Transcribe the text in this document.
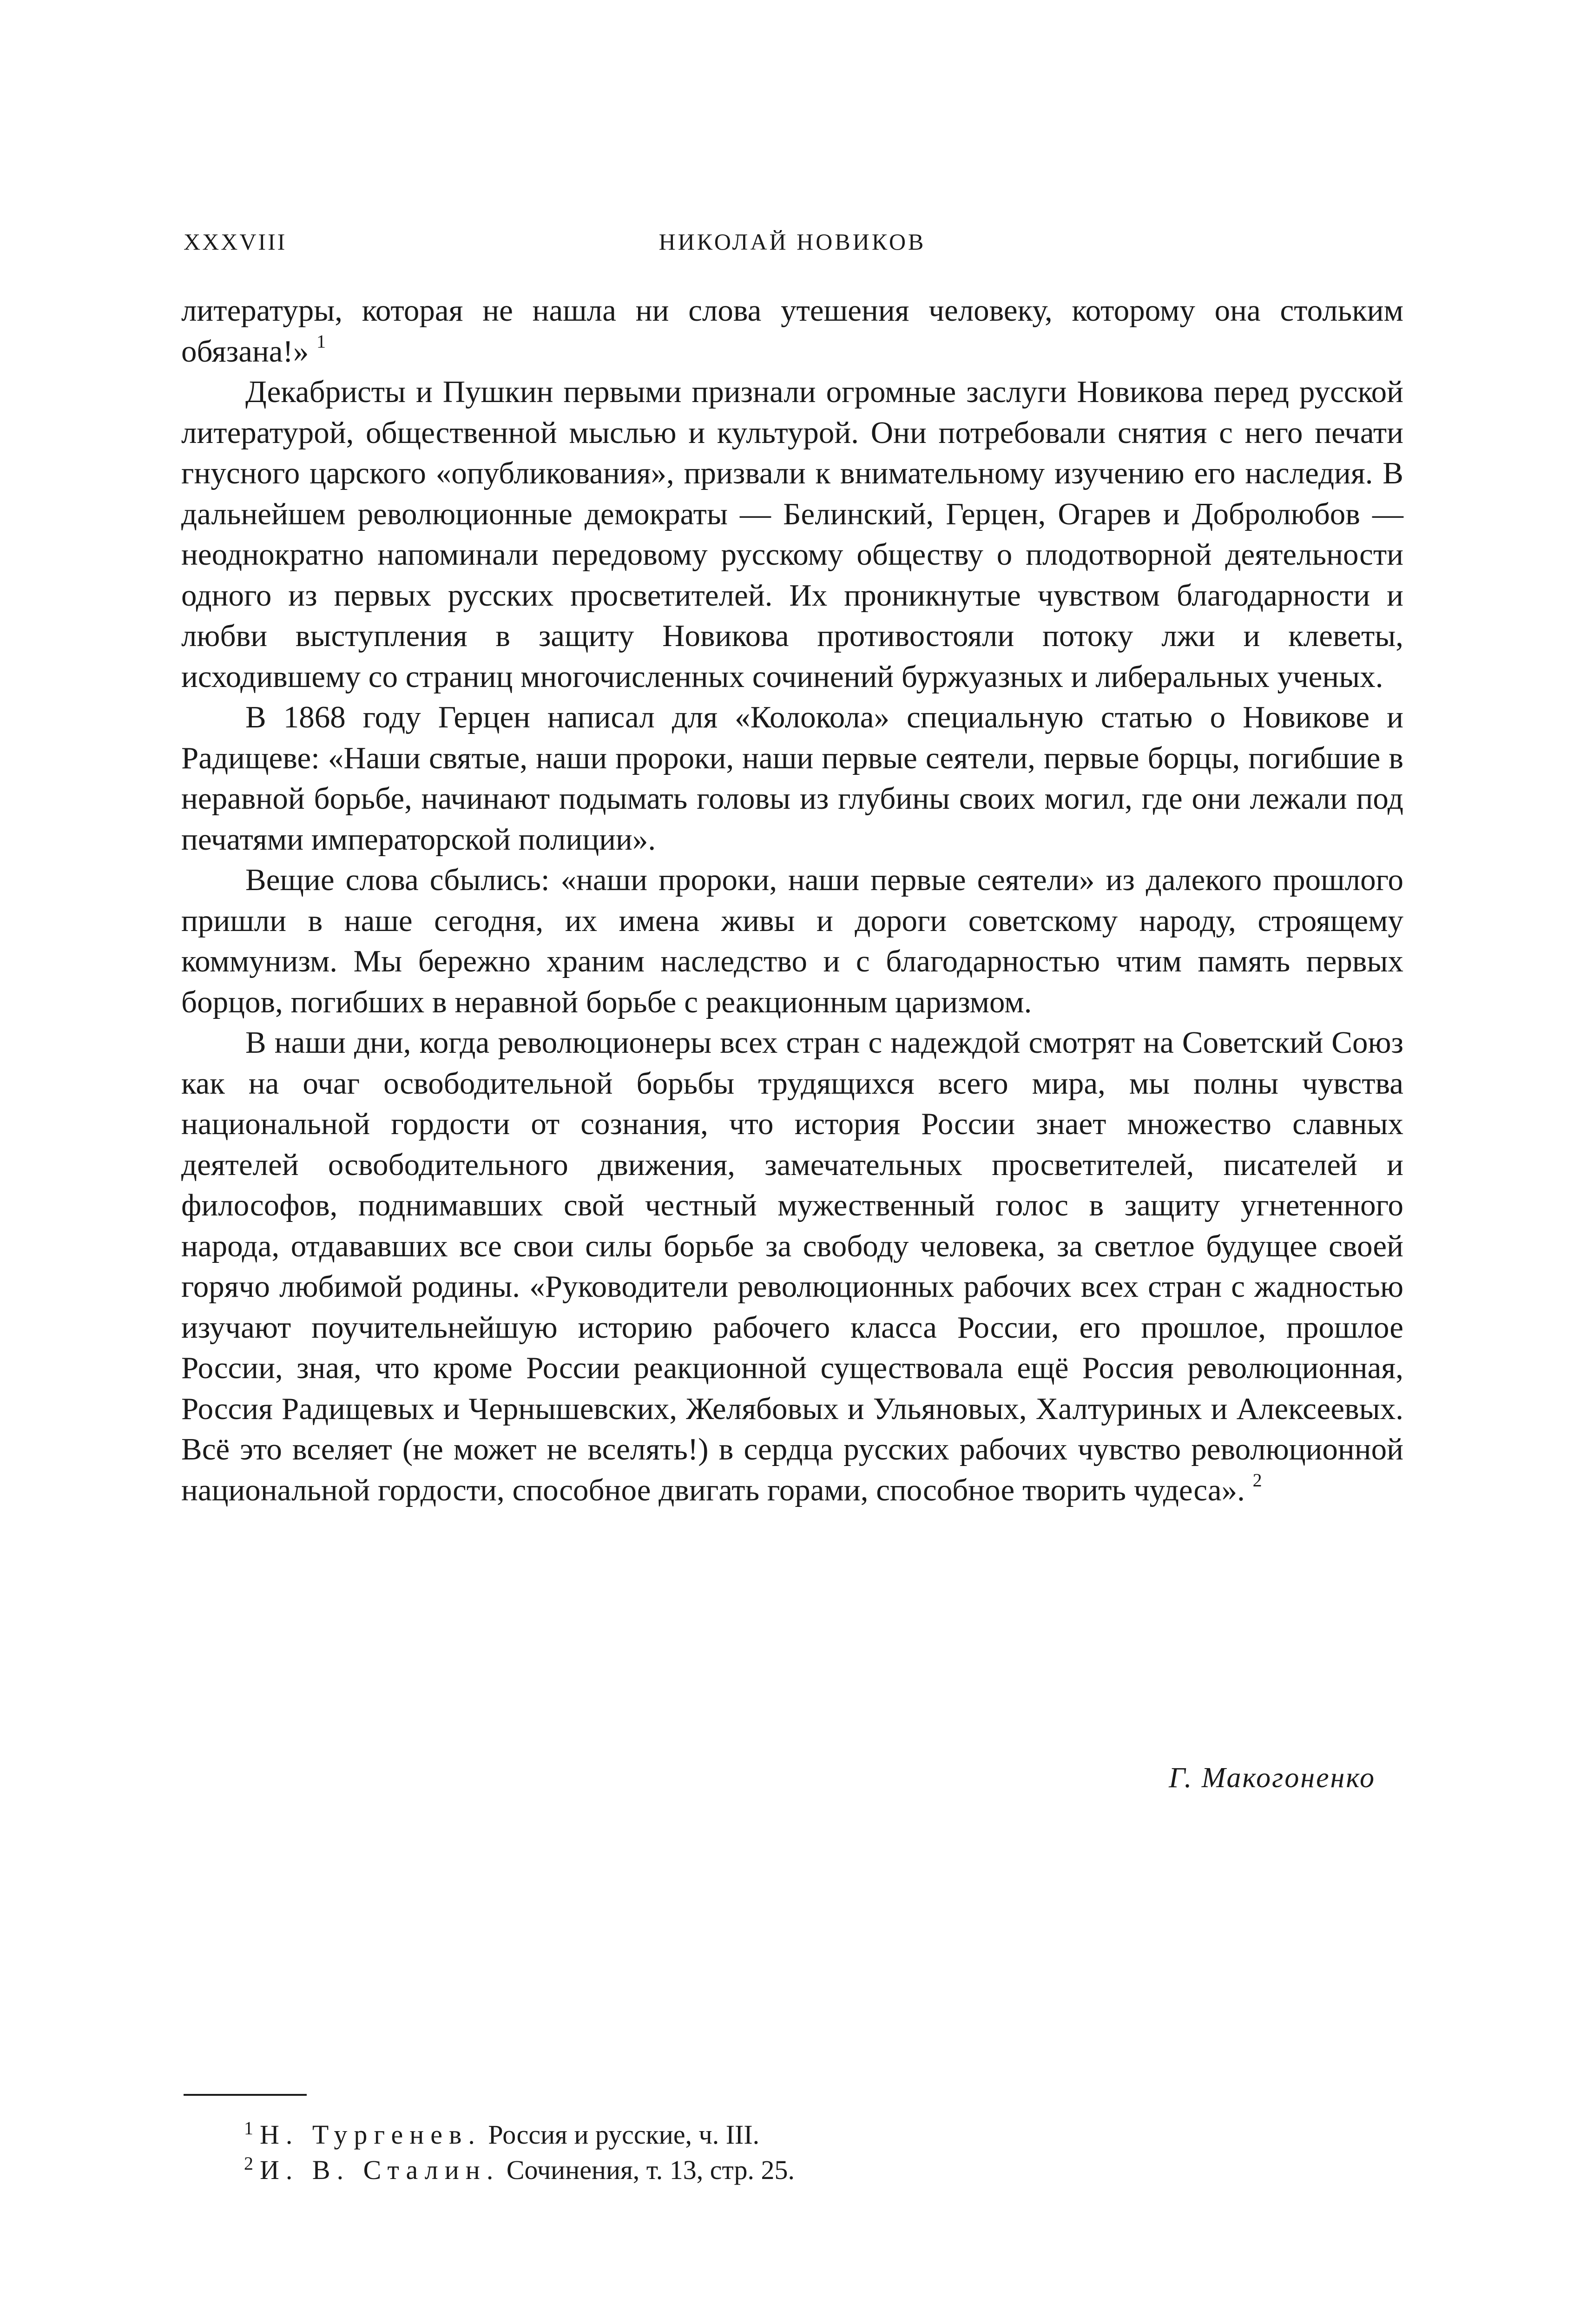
XXXVIII	НИКОЛАЙ НОВИКОВ

литературы, которая не нашла ни слова утешения человеку, которому она стольким обязана!» $^1$

Декабристы и Пушкин первыми признали огромные заслуги Новикова перед русской литературой, общественной мыслью и культурой. Они потребовали снятия с него печати гнусного царского «опубликования», призвали к внимательному изучению его наследия. В дальнейшем революционные демократы — Белинский, Герцен, Огарев и Добролюбов — неоднократно напоминали передовому русскому обществу о плодотворной деятельности одного из первых русских просветителей. Их проникнутые чувством благодарности и любви выступления в защиту Новикова противостояли потоку лжи и клеветы, исходившему со страниц многочисленных сочинений буржуазных и либеральных ученых.

В 1868 году Герцен написал для «Колокола» специальную статью о Новикове и Радищеве: «Наши святые, наши пророки, наши первые сеятели, первые борцы, погибшие в неравной борьбе, начинают подымать головы из глубины своих могил, где они лежали под печатями императорской полиции».

Вещие слова сбылись: «наши пророки, наши первые сеятели» из далекого прошлого пришли в наше сегодня, их имена живы и дороги советскому народу, строящему коммунизм. Мы бережно храним наследство и с благодарностью чтим память первых борцов, погибших в неравной борьбе с реакционным царизмом.

В наши дни, когда революционеры всех стран с надеждой смотрят на Советский Союз как на очаг освободительной борьбы трудящихся всего мира, мы полны чувства национальной гордости от сознания, что история России знает множество славных деятелей освободительного движения, замечательных просветителей, писателей и философов, поднимавших свой честный мужественный голос в защиту угнетенного народа, отдававших все свои силы борьбе за свободу человека, за светлое будущее своей горячо любимой родины. «Руководители революционных рабочих всех стран с жадностью изучают поучительнейшую историю рабочего класса России, его прошлое, прошлое России, зная, что кроме России реакционной существовала ещё Россия революционная, Россия Радищевых и Чернышевских, Желябовых и Ульяновых, Халтуриных и Алексеевых. Всё это вселяет (не может не вселять!) в сердца русских рабочих чувство революционной национальной гордости, способное двигать горами, способное творить чудеса». $^2$

Г. Макогоненко

$^1$ Н. Тургенев. Россия и русские, ч. III.

$^2$ И. В. Сталин. Сочинения, т. 13, стр. 25.
